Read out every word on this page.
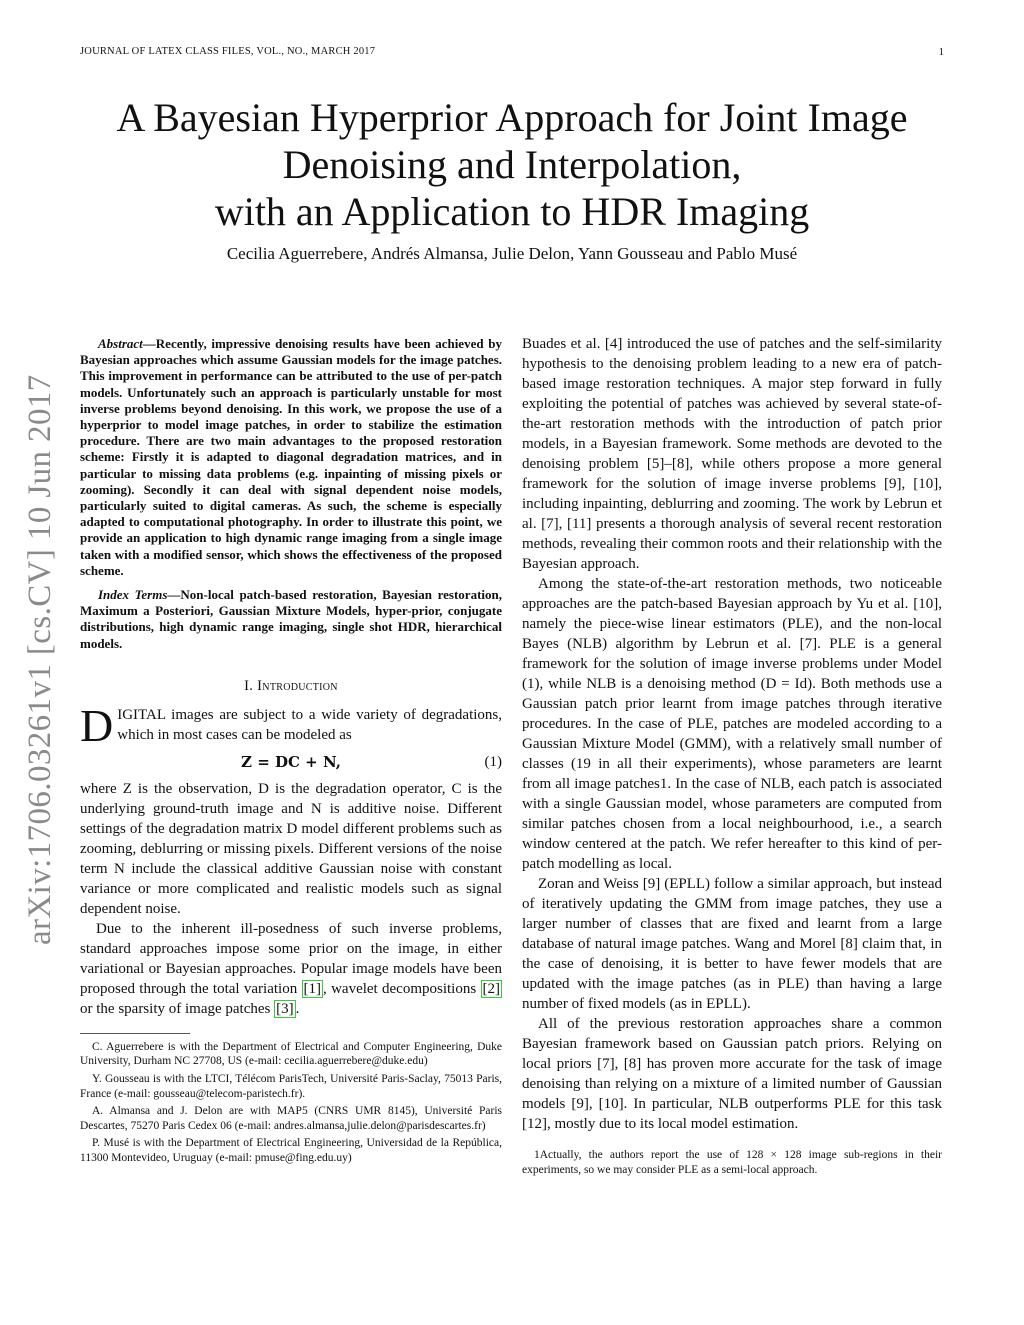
JOURNAL OF LATEX CLASS FILES, VOL., NO., MARCH 2017	1
arXiv:1706.03261v1 [cs.CV] 10 Jun 2017
A Bayesian Hyperprior Approach for Joint Image
Denoising and Interpolation,
with an Application to HDR Imaging
Cecilia Aguerrebere, Andrés Almansa, Julie Delon, Yann Gousseau and Pablo Musé

Abstract—Recently, impressive denoising results have been achieved by Bayesian approaches which assume Gaussian models for the image patches. This improvement in performance can be attributed to the use of per-patch models. Unfortunately such an approach is particularly unstable for most inverse problems beyond denoising. In this work, we propose the use of a hyperprior to model image patches, in order to stabilize the estimation procedure. There are two main advantages to the proposed restoration scheme: Firstly it is adapted to diagonal degradation matrices, and in particular to missing data problems (e.g. inpainting of missing pixels or zooming). Secondly it can deal with signal dependent noise models, particularly suited to digital cameras. As such, the scheme is especially adapted to computational photography. In order to illustrate this point, we provide an application to high dynamic range imaging from a single image taken with a modified sensor, which shows the effectiveness of the proposed scheme.

Index Terms—Non-local patch-based restoration, Bayesian restoration, Maximum a Posteriori, Gaussian Mixture Models, hyper-prior, conjugate distributions, high dynamic range imaging, single shot HDR, hierarchical models.

I. Introduction

DIGITAL images are subject to a wide variety of degradations, which in most cases can be modeled as

Z = DC + N,	(1)

where Z is the observation, D is the degradation operator, C is the underlying ground-truth image and N is additive noise. Different settings of the degradation matrix D model different problems such as zooming, deblurring or missing pixels. Different versions of the noise term N include the classical additive Gaussian noise with constant variance or more complicated and realistic models such as signal dependent noise.

Due to the inherent ill-posedness of such inverse problems, standard approaches impose some prior on the image, in either variational or Bayesian approaches. Popular image models have been proposed through the total variation [1] , wavelet decompositions [2] or the sparsity of image patches [3] .

C. Aguerrebere is with the Department of Electrical and Computer Engineering, Duke University, Durham NC 27708, US (e-mail: cecilia.aguerrebere@duke.edu)

Y. Gousseau is with the LTCI, Télécom ParisTech, Université Paris-Saclay, 75013 Paris, France (e-mail: gousseau@telecom-paristech.fr).

A. Almansa and J. Delon are with MAP5 (CNRS UMR 8145), Université Paris Descartes, 75270 Paris Cedex 06 (e-mail: andres.almansa,julie.delon@parisdescartes.fr)

P. Musé is with the Department of Electrical Engineering, Universidad de la República, 11300 Montevideo, Uruguay (e-mail: pmuse@fing.edu.uy)

Buades et al. [4] introduced the use of patches and the self-similarity hypothesis to the denoising problem leading to a new era of patch-based image restoration techniques. A major step forward in fully exploiting the potential of patches was achieved by several state-of-the-art restoration methods with the introduction of patch prior models, in a Bayesian framework. Some methods are devoted to the denoising problem [5]–[8], while others propose a more general framework for the solution of image inverse problems [9], [10], including inpainting, deblurring and zooming. The work by Lebrun et al. [7], [11] presents a thorough analysis of several recent restoration methods, revealing their common roots and their relationship with the Bayesian approach.

Among the state-of-the-art restoration methods, two noticeable approaches are the patch-based Bayesian approach by Yu et al. [10], namely the piece-wise linear estimators (PLE), and the non-local Bayes (NLB) algorithm by Lebrun et al. [7]. PLE is a general framework for the solution of image inverse problems under Model (1), while NLB is a denoising method (D = Id). Both methods use a Gaussian patch prior learnt from image patches through iterative procedures. In the case of PLE, patches are modeled according to a Gaussian Mixture Model (GMM), with a relatively small number of classes (19 in all their experiments), whose parameters are learnt from all image patches1. In the case of NLB, each patch is associated with a single Gaussian model, whose parameters are computed from similar patches chosen from a local neighbourhood, i.e., a search window centered at the patch. We refer hereafter to this kind of per-patch modelling as local.

Zoran and Weiss [9] (EPLL) follow a similar approach, but instead of iteratively updating the GMM from image patches, they use a larger number of classes that are fixed and learnt from a large database of natural image patches. Wang and Morel [8] claim that, in the case of denoising, it is better to have fewer models that are updated with the image patches (as in PLE) than having a large number of fixed models (as in EPLL).

All of the previous restoration approaches share a common Bayesian framework based on Gaussian patch priors. Relying on local priors [7], [8] has proven more accurate for the task of image denoising than relying on a mixture of a limited number of Gaussian models [9], [10]. In particular, NLB outperforms PLE for this task [12], mostly due to its local model estimation.

1Actually, the authors report the use of 128 × 128 image sub-regions in their experiments, so we may consider PLE as a semi-local approach.
